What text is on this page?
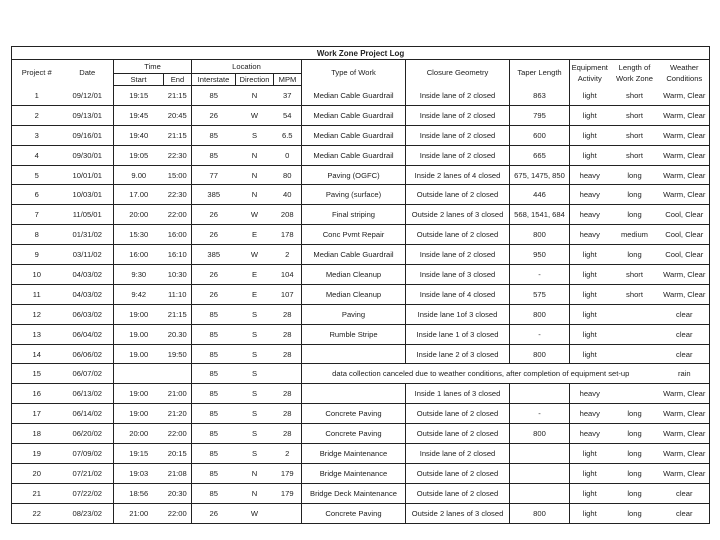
Work Zone Project Log												
Project #	Date	Time		Location			Type of Work	Closure Geometry	Taper Length	Equipment Activity	Length of Work Zone	Weather Conditions
		Start	End	Interstate	Direction	MPM						
1	09/12/01	19:15	21:15	85	N	37	Median Cable Guardrail	Inside lane of 2 closed	863	light	short	Warm, Clear
2	09/13/01	19:45	20:45	26	W	54	Median Cable Guardrail	Inside lane of 2 closed	795	light	short	Warm, Clear
3	09/16/01	19:40	21:15	85	S	6.5	Median Cable Guardrail	Inside lane of 2 closed	600	light	short	Warm, Clear
4	09/30/01	19:05	22:30	85	N	0	Median Cable Guardrail	Inside lane of 2 closed	665	light	short	Warm, Clear
5	10/01/01	9.00	15:00	77	N	80	Paving (OGFC)	Inside 2 lanes of 4 closed	675, 1475, 850	heavy	long	Warm, Clear
6	10/03/01	17.00	22:30	385	N	40	Paving (surface)	Outside lane of 2 closed	446	heavy	long	Warm, Clear
7	11/05/01	20:00	22:00	26	W	208	Final striping	Outside 2 lanes of 3 closed	568, 1541, 684	heavy	long	Cool, Clear
8	01/31/02	15:30	16:00	26	E	178	Conc Pvmt Repair	Outside lane of 2 closed	800	heavy	medium	Cool, Clear
9	03/11/02	16:00	16:10	385	W	2	Median Cable Guardrail	Inside lane of 2 closed	950	light	long	Cool, Clear
10	04/03/02	9:30	10:30	26	E	104	Median Cleanup	Inside lane of 3 closed	-	light	short	Warm, Clear
11	04/03/02	9:42	11:10	26	E	107	Median Cleanup	Inside lane of 4 closed	575	light	short	Warm, Clear
12	06/03/02	19:00	21:15	85	S	28	Paving	Inside lane 1of 3 closed	800	light		clear
13	06/04/02	19.00	20.30	85	S	28	Rumble Stripe	Inside lane 1 of 3 closed	-	light		clear
14	06/06/02	19.00	19:50	85	S	28		Inside lane 2 of 3 closed	800	light		clear
15	06/07/02			85	S		data collection canceled due to weather conditions, after completion of equipment set-up					rain
16	06/13/02	19:00	21:00	85	S	28		Inside 1 lanes of 3 closed		heavy		Warm, Clear
17	06/14/02	19:00	21:20	85	S	28	Concrete Paving	Outside lane of 2 closed	-	heavy	long	Warm, Clear
18	06/20/02	20:00	22:00	85	S	28	Concrete Paving	Outside lane of 2 closed	800	heavy	long	Warm, Clear
19	07/09/02	19:15	20:15	85	S	2	Bridge Maintenance	Inside lane of 2 closed		light	long	Warm, Clear
20	07/21/02	19:03	21:08	85	N	179	Bridge Maintenance	Outside lane of 2 closed		light	long	Warm, Clear
21	07/22/02	18:56	20:30	85	N	179	Bridge Deck Maintenance	Outside lane of 2 closed		light	long	clear
22	08/23/02	21:00	22:00	26	W		Concrete Paving	Outside 2 lanes of 3 closed	800	light	long	clear
